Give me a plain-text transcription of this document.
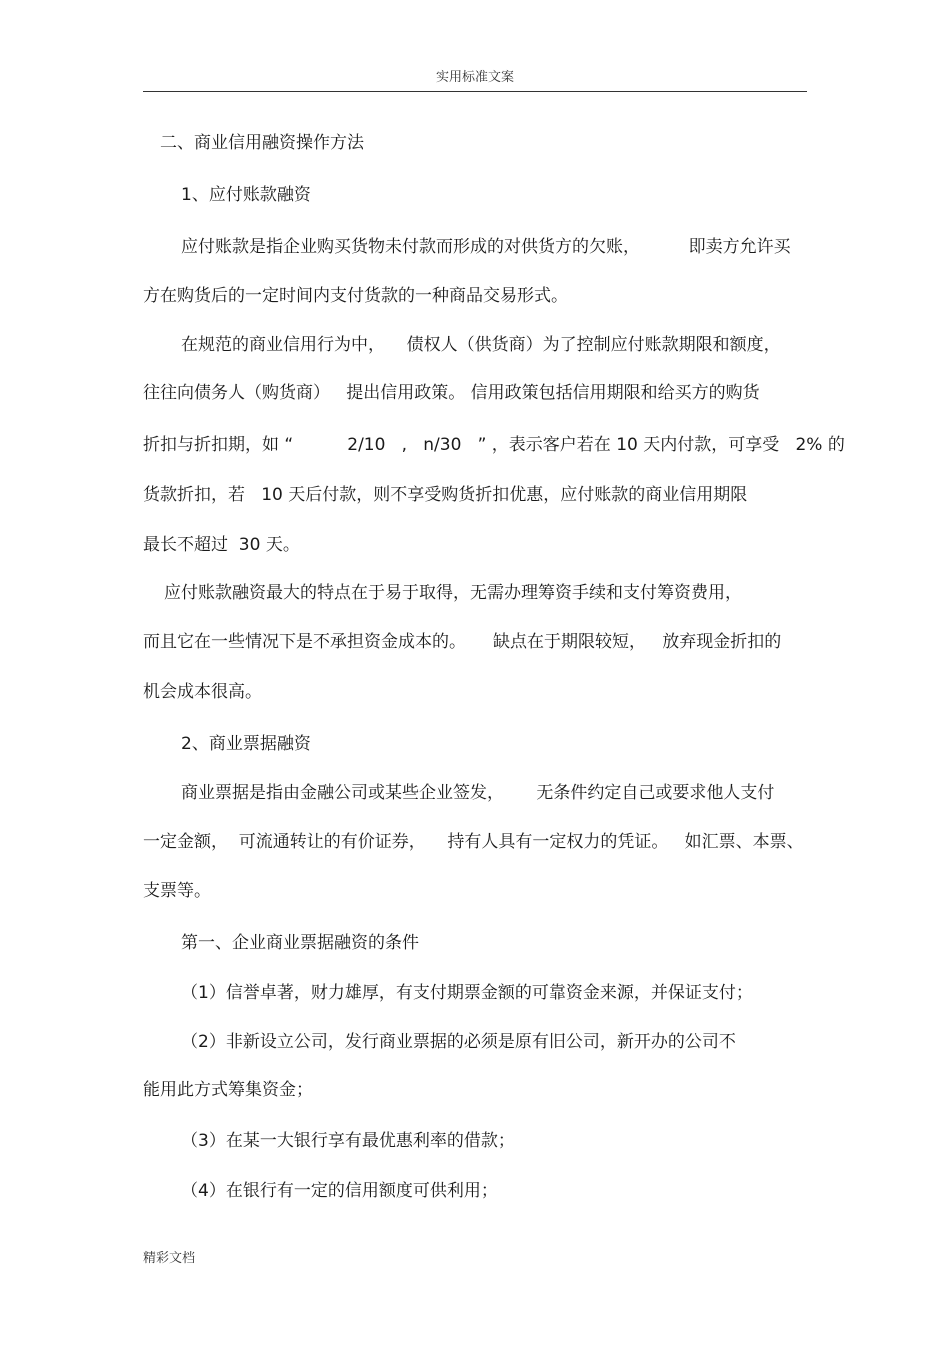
实用标准文案
二、商业信用融资操作方法
1、应付账款融资
应付账款是指企业购买货物未付款而形成的对供货方的欠账，         即卖方允许买
方在购货后的一定时间内支付货款的一种商品交易形式。
在规范的商业信用行为中，    债权人（供货商）为了控制应付账款期限和额度，
往往向债务人（购货商）   提出信用政策。 信用政策包括信用期限和给买方的购货
折扣与折扣期，如 “          2/10   ,   n/30   ” ，表示客户若在 10 天内付款，可享受   2% 的
货款折扣，若   10 天后付款，则不享受购货折扣优惠，应付账款的商业信用期限
最长不超过  30 天。
应付账款融资最大的特点在于易于取得，无需办理筹资手续和支付筹资费用，
而且它在一些情况下是不承担资金成本的。     缺点在于期限较短，   放弃现金折扣的
机会成本很高。
2、商业票据融资
商业票据是指由金融公司或某些企业签发，      无条件约定自己或要求他人支付
一定金额，  可流通转让的有价证券，    持有人具有一定权力的凭证。   如汇票、本票、
支票等。
第一、企业商业票据融资的条件
（1）信誉卓著，财力雄厚，有支付期票金额的可靠资金来源，并保证支付；
（2）非新设立公司，发行商业票据的必须是原有旧公司，新开办的公司不
能用此方式筹集资金；
（3）在某一大银行享有最优惠利率的借款；
（4）在银行有一定的信用额度可供利用；
精彩文档
